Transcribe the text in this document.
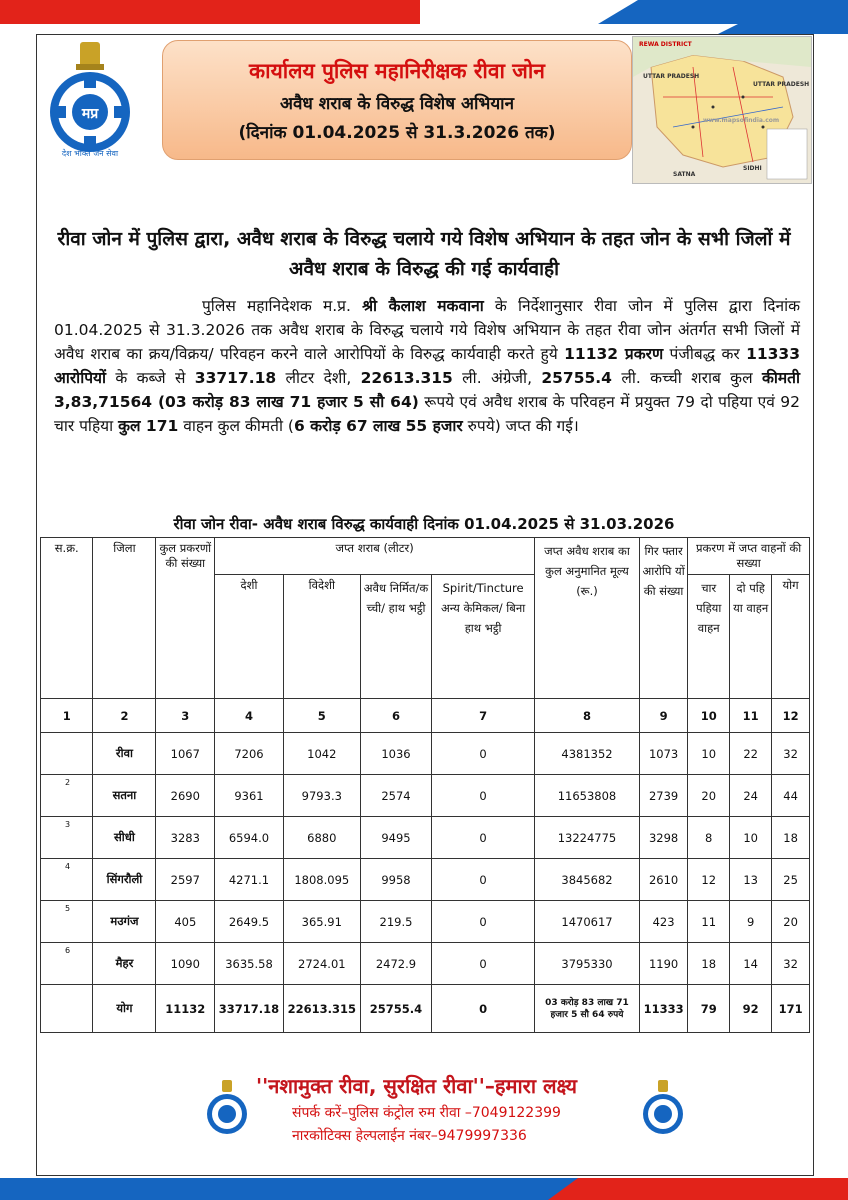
मप्र
देश भक्ति जन सेवा
कार्यालय पुलिस महानिरीक्षक रीवा जोन
अवैध शराब के विरुद्ध विशेष अभियान
(दिनांक 01.04.2025 से 31.3.2026 तक)
REWA DISTRICT
UTTAR PRADESH
UTTAR PRADESH
SIDHI
SATNA
www.mapsofindia.com
रीवा जोन में पुलिस द्वारा, अवैध शराब के विरुद्ध चलाये गये विशेष अभियान के तहत जोन के सभी जिलों में अवैध शराब के विरुद्ध की गई कार्यवाही
पुलिस महानिदेशक म.प्र. श्री कैलाश मकवाना के निर्देशानुसार रीवा जोन में पुलिस द्वारा दिनांक 01.04.2025 से 31.3.2026 तक अवैध शराब के विरुद्ध चलाये गये विशेष अभियान के तहत रीवा जोन अंतर्गत सभी जिलों में अवैध शराब का क्रय/विक्रय/ परिवहन करने वाले आरोपियों के विरुद्ध कार्यवाही करते हुये 11132 प्रकरण पंजीबद्ध कर 11333 आरोपियों के कब्जे से 33717.18 लीटर देशी, 22613.315 ली. अंग्रेजी, 25755.4 ली. कच्ची शराब कुल कीमती 3,83,71564 (03 करोड़ 83 लाख 71 हजार 5 सौ 64) रूपये एवं अवैध शराब के परिवहन में प्रयुक्त 79 दो पहिया एवं 92 चार पहिया कुल 171 वाहन कुल कीमती (6 करोड़ 67 लाख 55 हजार रुपये) जप्त की गई।
रीवा जोन रीवा- अवैध शराब विरुद्ध कार्यवाही दिनांक 01.04.2025 से 31.03.2026
स.क्र.	जिला	कुल प्रकरणों की संख्या	जप्त शराब (लीटर)				जप्त अवैध शराब का कुल अनुमानित मूल्य (रू.)	गिर फ्तार आरोपि यों की संख्या	प्रकरण में जप्त वाहनों की सख्या		
			देशी	विदेशी	अवैध निर्मित/क च्ची/ हाथ भट्ठी	Spirit/Tincture अन्य केमिकल/ बिना हाथ भट्ठी			चार पहिया वाहन	दो पहि या वाहन	योग
1	2	3	4	5	6	7	8	9	10	11	12
	रीवा	1067	7206	1042	1036	0	4381352	1073	10	22	32
2	सतना	2690	9361	9793.3	2574	0	11653808	2739	20	24	44
3	सीधी	3283	6594.0	6880	9495	0	13224775	3298	8	10	18
4	सिंगरौली	2597	4271.1	1808.095	9958	0	3845682	2610	12	13	25
5	मउगंज	405	2649.5	365.91	219.5	0	1470617	423	11	9	20
6	मैहर	1090	3635.58	2724.01	2472.9	0	3795330	1190	18	14	32
	योग	11132	33717.18	22613.315	25755.4	0	03 करोड़ 83 लाख 71 हजार 5 सौ 64 रुपये	11333	79	92	171
''नशामुक्त रीवा, सुरक्षित रीवा''–हमारा लक्ष्य
संपर्क करें–पुलिस कंट्रोल रुम रीवा –7049122399
नारकोटिक्स हेल्पलाईन नंबर–9479997336
